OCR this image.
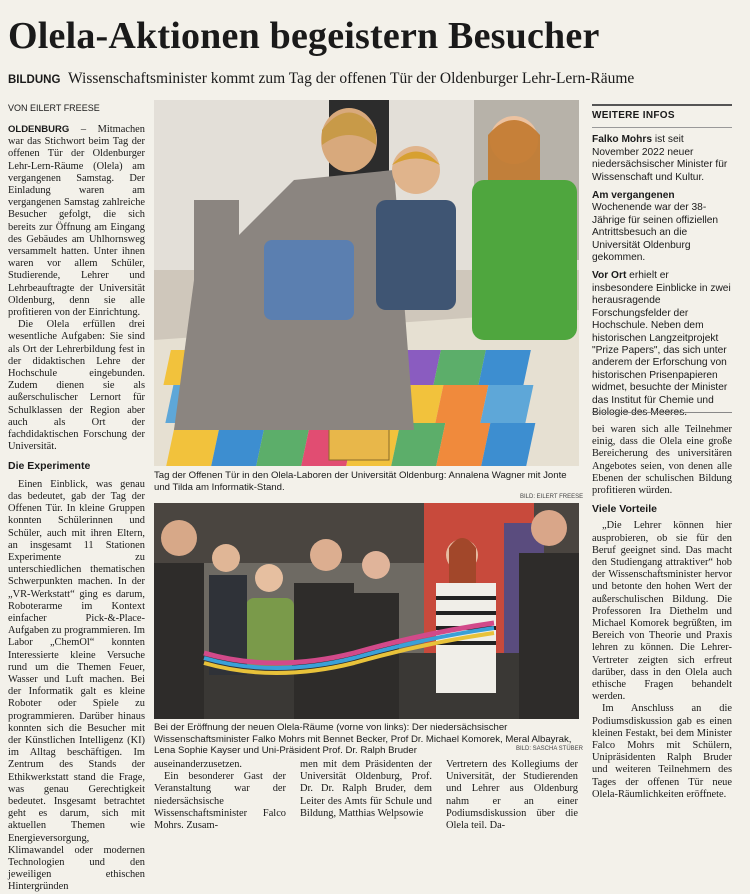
Olela-Aktionen begeistern Besucher
BILDUNG Wissenschaftsminister kommt zum Tag der offenen Tür der Oldenburger Lehr-Lern-Räume
VON EILERT FREESE

OLDENBURG – Mitmachen war das Stichwort beim Tag der offenen Tür der Oldenburger Lehr-Lern-Räume (Olela) am vergangenen Samstag. Der Einladung waren am vergangenen Samstag zahlreiche Besucher gefolgt, die sich bereits zur Öffnung am Eingang des Gebäudes am Uhlhornsweg versammelt hatten. Unter ihnen waren vor allem Schüler, Studierende, Lehrer und Lehrbeauftragte der Universität Oldenburg, denn sie alle profitieren von der Einrichtung.

Die Olela erfüllen drei wesentliche Aufgaben: Sie sind als Ort der Lehrerbildung fest in der didaktischen Lehre der Hochschule eingebunden. Zudem dienen sie als außerschulischer Lernort für Schulklassen der Region aber auch als Ort der fachdidaktischen Forschung der Universität.

Die Experimente

Einen Einblick, was genau das bedeutet, gab der Tag der Offenen Tür. In kleine Gruppen konnten Schülerinnen und Schüler, auch mit ihren Eltern, an insgesamt 11 Stationen Experimente zu unterschiedlichen thematischen Schwerpunkten machen. In der „VR-Werkstatt“ ging es darum, Roboterarme im Kontext einfacher Pick-&-Place-Aufgaben zu programmieren. Im Labor „ChemOl“ konnten Interessierte kleine Versuche rund um die Themen Feuer, Wasser und Luft machen. Bei der Informatik galt es kleine Roboter oder Spiele zu programmieren. Darüber hinaus konnten sich die Besucher mit der Künstlichen Intelligenz (KI) im Alltag beschäftigen. Im Zentrum des Stands der Ethikwerkstatt stand die Frage, was genau Gerechtigkeit bedeutet. Insgesamt betrachtet geht es darum, sich mit aktuellen Themen wie Energieversorgung, Klimawandel oder modernen Technologien und den jeweiligen ethischen Hintergründen

Tag der Offenen Tür in den Olela-Laboren der Universität Oldenburg: Annalena Wagner mit Jonte und Tilda am Informatik-Stand.
BILD: EILERT FREESE
Bei der Eröffnung der neuen Olela-Räume (vorne von links): Der niedersächsischer Wissenschaftsminister Falko Mohrs mit Bennet Becker, Prof Dr. Michael Komorek, Meral Albayrak, Lena Sophie Kayser und Uni-Präsident Prof. Dr. Ralph Bruder	BILD: SASCHA STÜBER

auseinanderzusetzen.

Ein besonderer Gast der Veranstaltung war der niedersächsische Wissenschaftsminister Falco Mohrs. Zusam-

men mit dem Präsidenten der Universität Oldenburg, Prof. Dr. Dr. Ralph Bruder, dem Leiter des Amts für Schule und Bildung, Matthias Welpsowie

Vertretern des Kollegiums der Universität, der Studierenden und Lehrer aus Oldenburg nahm er an einer Podiumsdiskussion über die Olela teil. Da-

WEITERE INFOS

Falko Mohrs ist seit November 2022 neuer niedersächsischer Minister für Wissenschaft und Kultur.

Am vergangenen Wochenende war der 38-Jährige für seinen offiziellen Antrittsbesuch an die Universität Oldenburg gekommen.

Vor Ort erhielt er insbesondere Einblicke in zwei herausragende Forschungsfelder der Hochschule. Neben dem historischen Langzeitprojekt "Prize Papers", das sich unter anderem der Erforschung von historischen Prisenpapieren widmet, besuchte der Minister das Institut für Chemie und

bei waren sich alle Teilnehmer einig, dass die Olela eine große Bereicherung des universitären Angebotes seien, von denen alle Ebenen der schulischen Bildung profitieren würden.

Viele Vorteile

„Die Lehrer können hier ausprobieren, ob sie für den Beruf geeignet sind. Das macht den Studiengang attraktiver“ hob der Wissenschaftsminister hervor und betonte den hohen Wert der außerschulischen Bildung. Die Professoren Ira Diethelm und Michael Komorek begrüßten, im Bereich von Theorie und Praxis lehren zu können. Die Lehrer-Vertreter zeigten sich erfreut darüber, dass in den Olela auch ethische Fragen behandelt werden.

Im Anschluss an die Podiumsdiskussion gab es einen kleinen Festakt, bei dem Minister Falco Mohrs mit Schülern, Unipräsidenten Ralph Bruder und weiteren Teilnehmern des Tages der offenen Tür neue Olela-Räumlichkeiten eröffnete.
